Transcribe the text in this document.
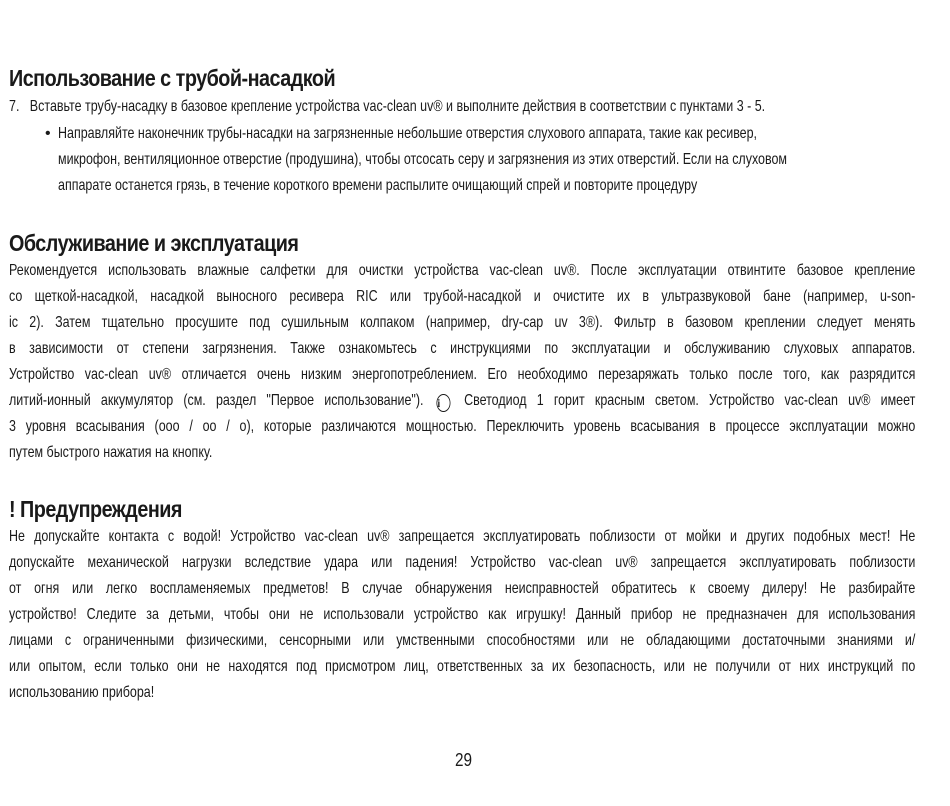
Использование с трубой-насадкой
7.   Вставьте трубу-насадку в базовое крепление устройства vac-clean uv® и выполните действия в соответствии с пунктами 3 - 5.
• Направляйте наконечник трубы-насадки на загрязненные небольшие отверстия слухового аппарата, такие как ресивер,
микрофон, вентиляционное отверстие (продушина), чтобы отсосать серу и загрязнения из этих отверстий. Если на слуховом
аппарате останется грязь, в течение короткого времени распылите очищающий спрей и повторите процедуру
Обслуживание и эксплуатация
Рекомендуется использовать влажные салфетки для очистки устройства vac-clean uv®. После эксплуатации отвинтите базовое крепление
со щеткой-насадкой, насадкой выносного ресивера RIC или трубой-насадкой и очистите их в ультразвуковой бане (например, u-son-
ic 2). Затем тщательно просушите под сушильным колпаком (например, dry-cap uv 3®). Фильтр в базовом креплении следует менять
в зависимости от степени загрязнения. Также ознакомьтесь с инструкциями по эксплуатации и обслуживанию слуховых аппаратов.
Устройство vac-clean uv® отличается очень низким энергопотреблением. Его необходимо перезаряжать только после того, как разрядится
литий-ионный аккумулятор (см. раздел "Первое использование"). i Светодиод 1 горит красным светом. Устройство vac-clean uv® имеет
3 уровня всасывания (ooo / oo / o), которые различаются мощностью. Переключить уровень всасывания в процессе эксплуатации можно
путем быстрого нажатия на кнопку.
! Предупреждения
Не допускайте контакта с водой! Устройство vac-clean uv® запрещается эксплуатировать поблизости от мойки и других подобных мест! Не
допускайте механической нагрузки вследствие удара или падения! Устройство vac-clean uv® запрещается эксплуатировать поблизости
от огня или легко воспламеняемых предметов! В случае обнаружения неисправностей обратитесь к своему дилеру! Не разбирайте
устройство! Следите за детьми, чтобы они не использовали устройство как игрушку! Данный прибор не предназначен для использования
лицами с ограниченными физическими, сенсорными или умственными способностями или не обладающими достаточными знаниями и/
или опытом, если только они не находятся под присмотром лиц, ответственных за их безопасность, или не получили от них инструкций по
использованию прибора!
29
